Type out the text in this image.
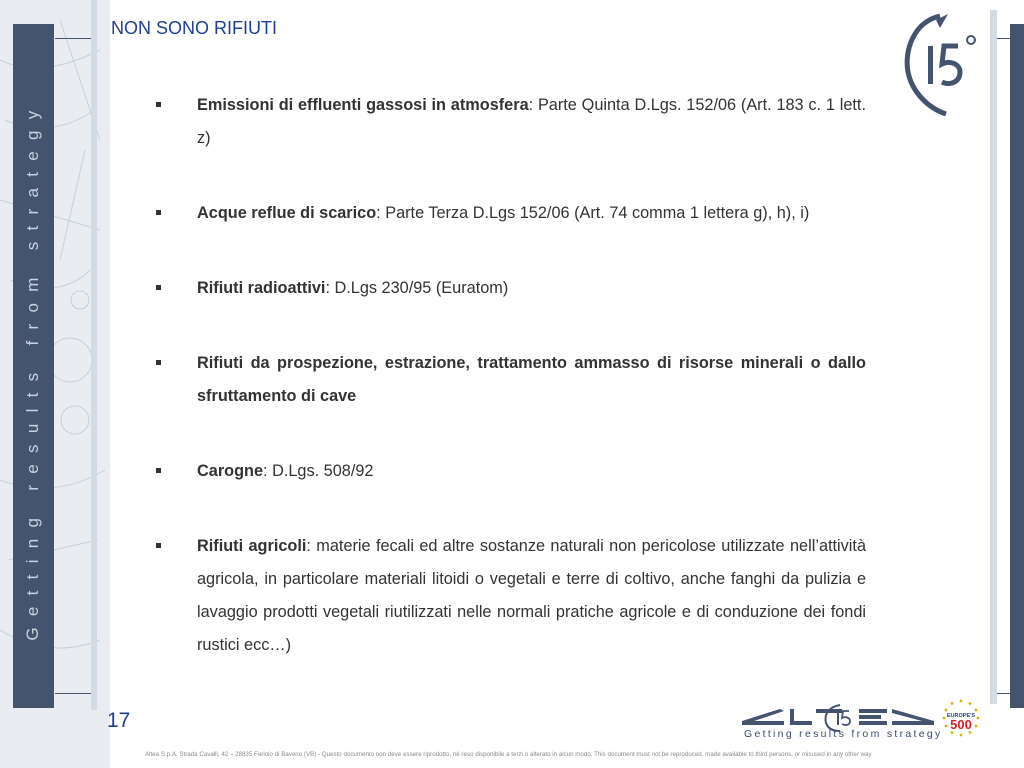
Getting results from strategy
NON SONO RIFIUTI

Emissioni di effluenti gassosi in atmosfera: Parte Quinta D.Lgs. 152/06 (Art. 183 c. 1 lett. z)

Acque reflue di scarico: Parte Terza D.Lgs 152/06 (Art. 74 comma 1 lettera g), h), i)

Rifiuti radioattivi: D.Lgs 230/95 (Euratom)

Rifiuti da prospezione, estrazione, trattamento ammasso di risorse minerali o dallo sfruttamento di cave

Carogne: D.Lgs. 508/92

Rifiuti agricoli: materie fecali ed altre sostanze naturali non pericolose utilizzate nell’attività agricola, in particolare materiali litoidi o vegetali e terre di coltivo, anche fanghi da pulizia e lavaggio prodotti vegetali riutilizzati nelle normali pratiche agricole e di conduzione dei fondi rustici ecc…)

17
Getting results from strategy
EUROPE'S
500
Altea S.p.A. Strada Cavalli, 42 – 28835 Feriolo di Baveno (VB) - Questo documento non deve essere riprodotto, né reso disponibile a terzi o alterato in alcun modo. This document must not be reproduced, made available to third persons, or misused in any other way
